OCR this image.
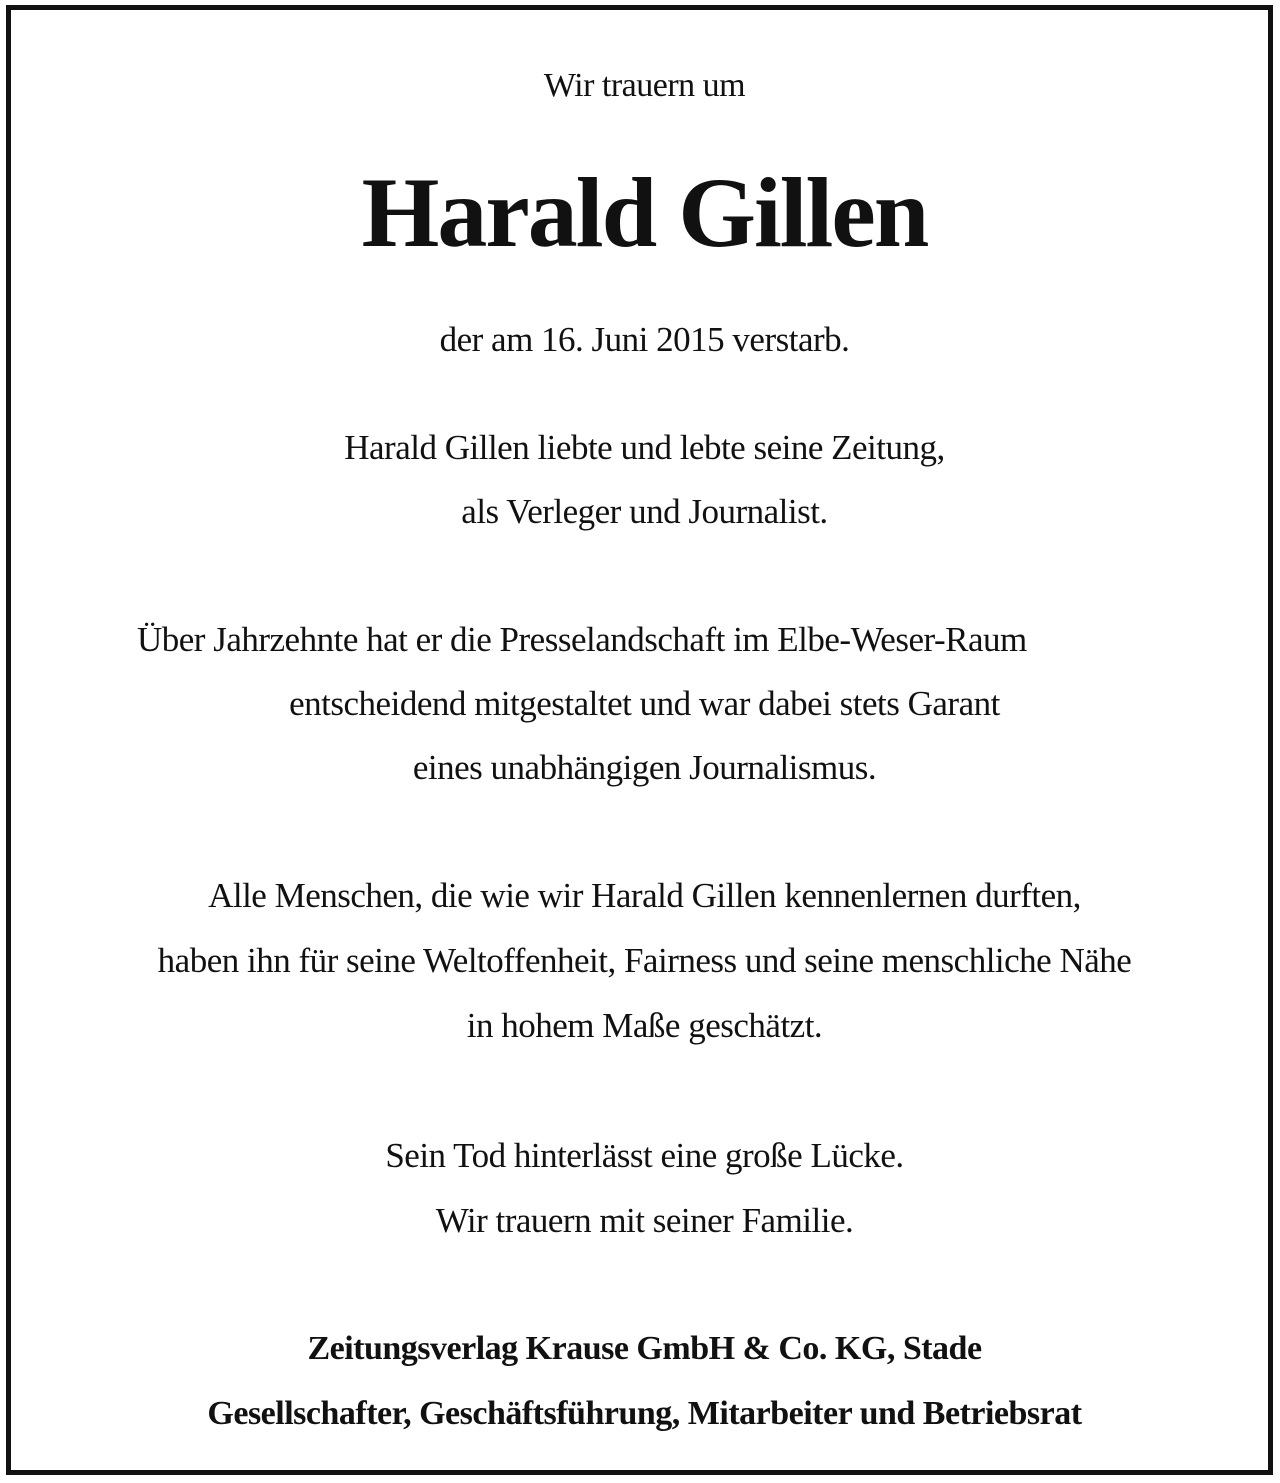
Wir trauern um
Harald Gillen
der am 16. Juni 2015 verstarb.
Harald Gillen liebte und lebte seine Zeitung,
als Verleger und Journalist.
Über Jahrzehnte hat er die Presselandschaft im Elbe-Weser-Raum
entscheidend mitgestaltet und war dabei stets Garant
eines unabhängigen Journalismus.
Alle Menschen, die wie wir Harald Gillen kennenlernen durften,
haben ihn für seine Weltoffenheit, Fairness und seine menschliche Nähe
in hohem Maße geschätzt.
Sein Tod hinterlässt eine große Lücke.
Wir trauern mit seiner Familie.
Zeitungsverlag Krause GmbH & Co. KG, Stade
Gesellschafter, Geschäftsführung, Mitarbeiter und Betriebsrat
